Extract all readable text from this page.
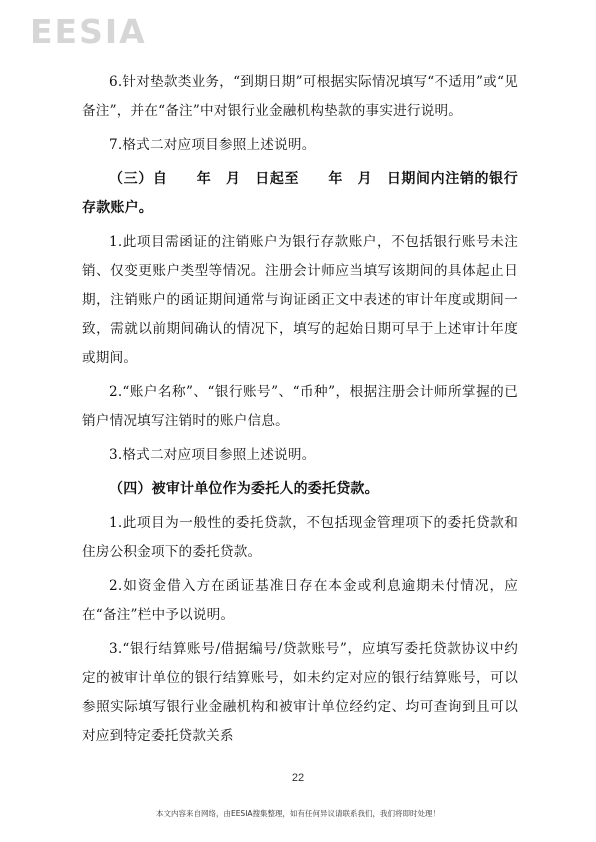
EESIA

6.针对垫款类业务，“到期日期”可根据实际情况填写“不适用”或“见备注”，并在“备注”中对银行业金融机构垫款的事实进行说明。

7.格式二对应项目参照上述说明。

（三）自　　年　月　日起至　　年　月　日期间内注销的银行存款账户。

1.此项目需函证的注销账户为银行存款账户，不包括银行账号未注销、仅变更账户类型等情况。注册会计师应当填写该期间的具体起止日期，注销账户的函证期间通常与询证函正文中表述的审计年度或期间一致，需就以前期间确认的情况下，填写的起始日期可早于上述审计年度或期间。

2.“账户名称”、“银行账号”、“币种”，根据注册会计师所掌握的已销户情况填写注销时的账户信息。

3.格式二对应项目参照上述说明。

（四）被审计单位作为委托人的委托贷款。

1.此项目为一般性的委托贷款，不包括现金管理项下的委托贷款和住房公积金项下的委托贷款。

2.如资金借入方在函证基准日存在本金或利息逾期未付情况，应在“备注”栏中予以说明。

3.“银行结算账号/借据编号/贷款账号”，应填写委托贷款协议中约定的被审计单位的银行结算账号，如未约定对应的银行结算账号，可以参照实际填写银行业金融机构和被审计单位经约定、均可查询到且可以对应到特定委托贷款关系

22
本文内容来自网络，由EESIA搜集整理，如有任何异议请联系我们，我们将即时处理！
